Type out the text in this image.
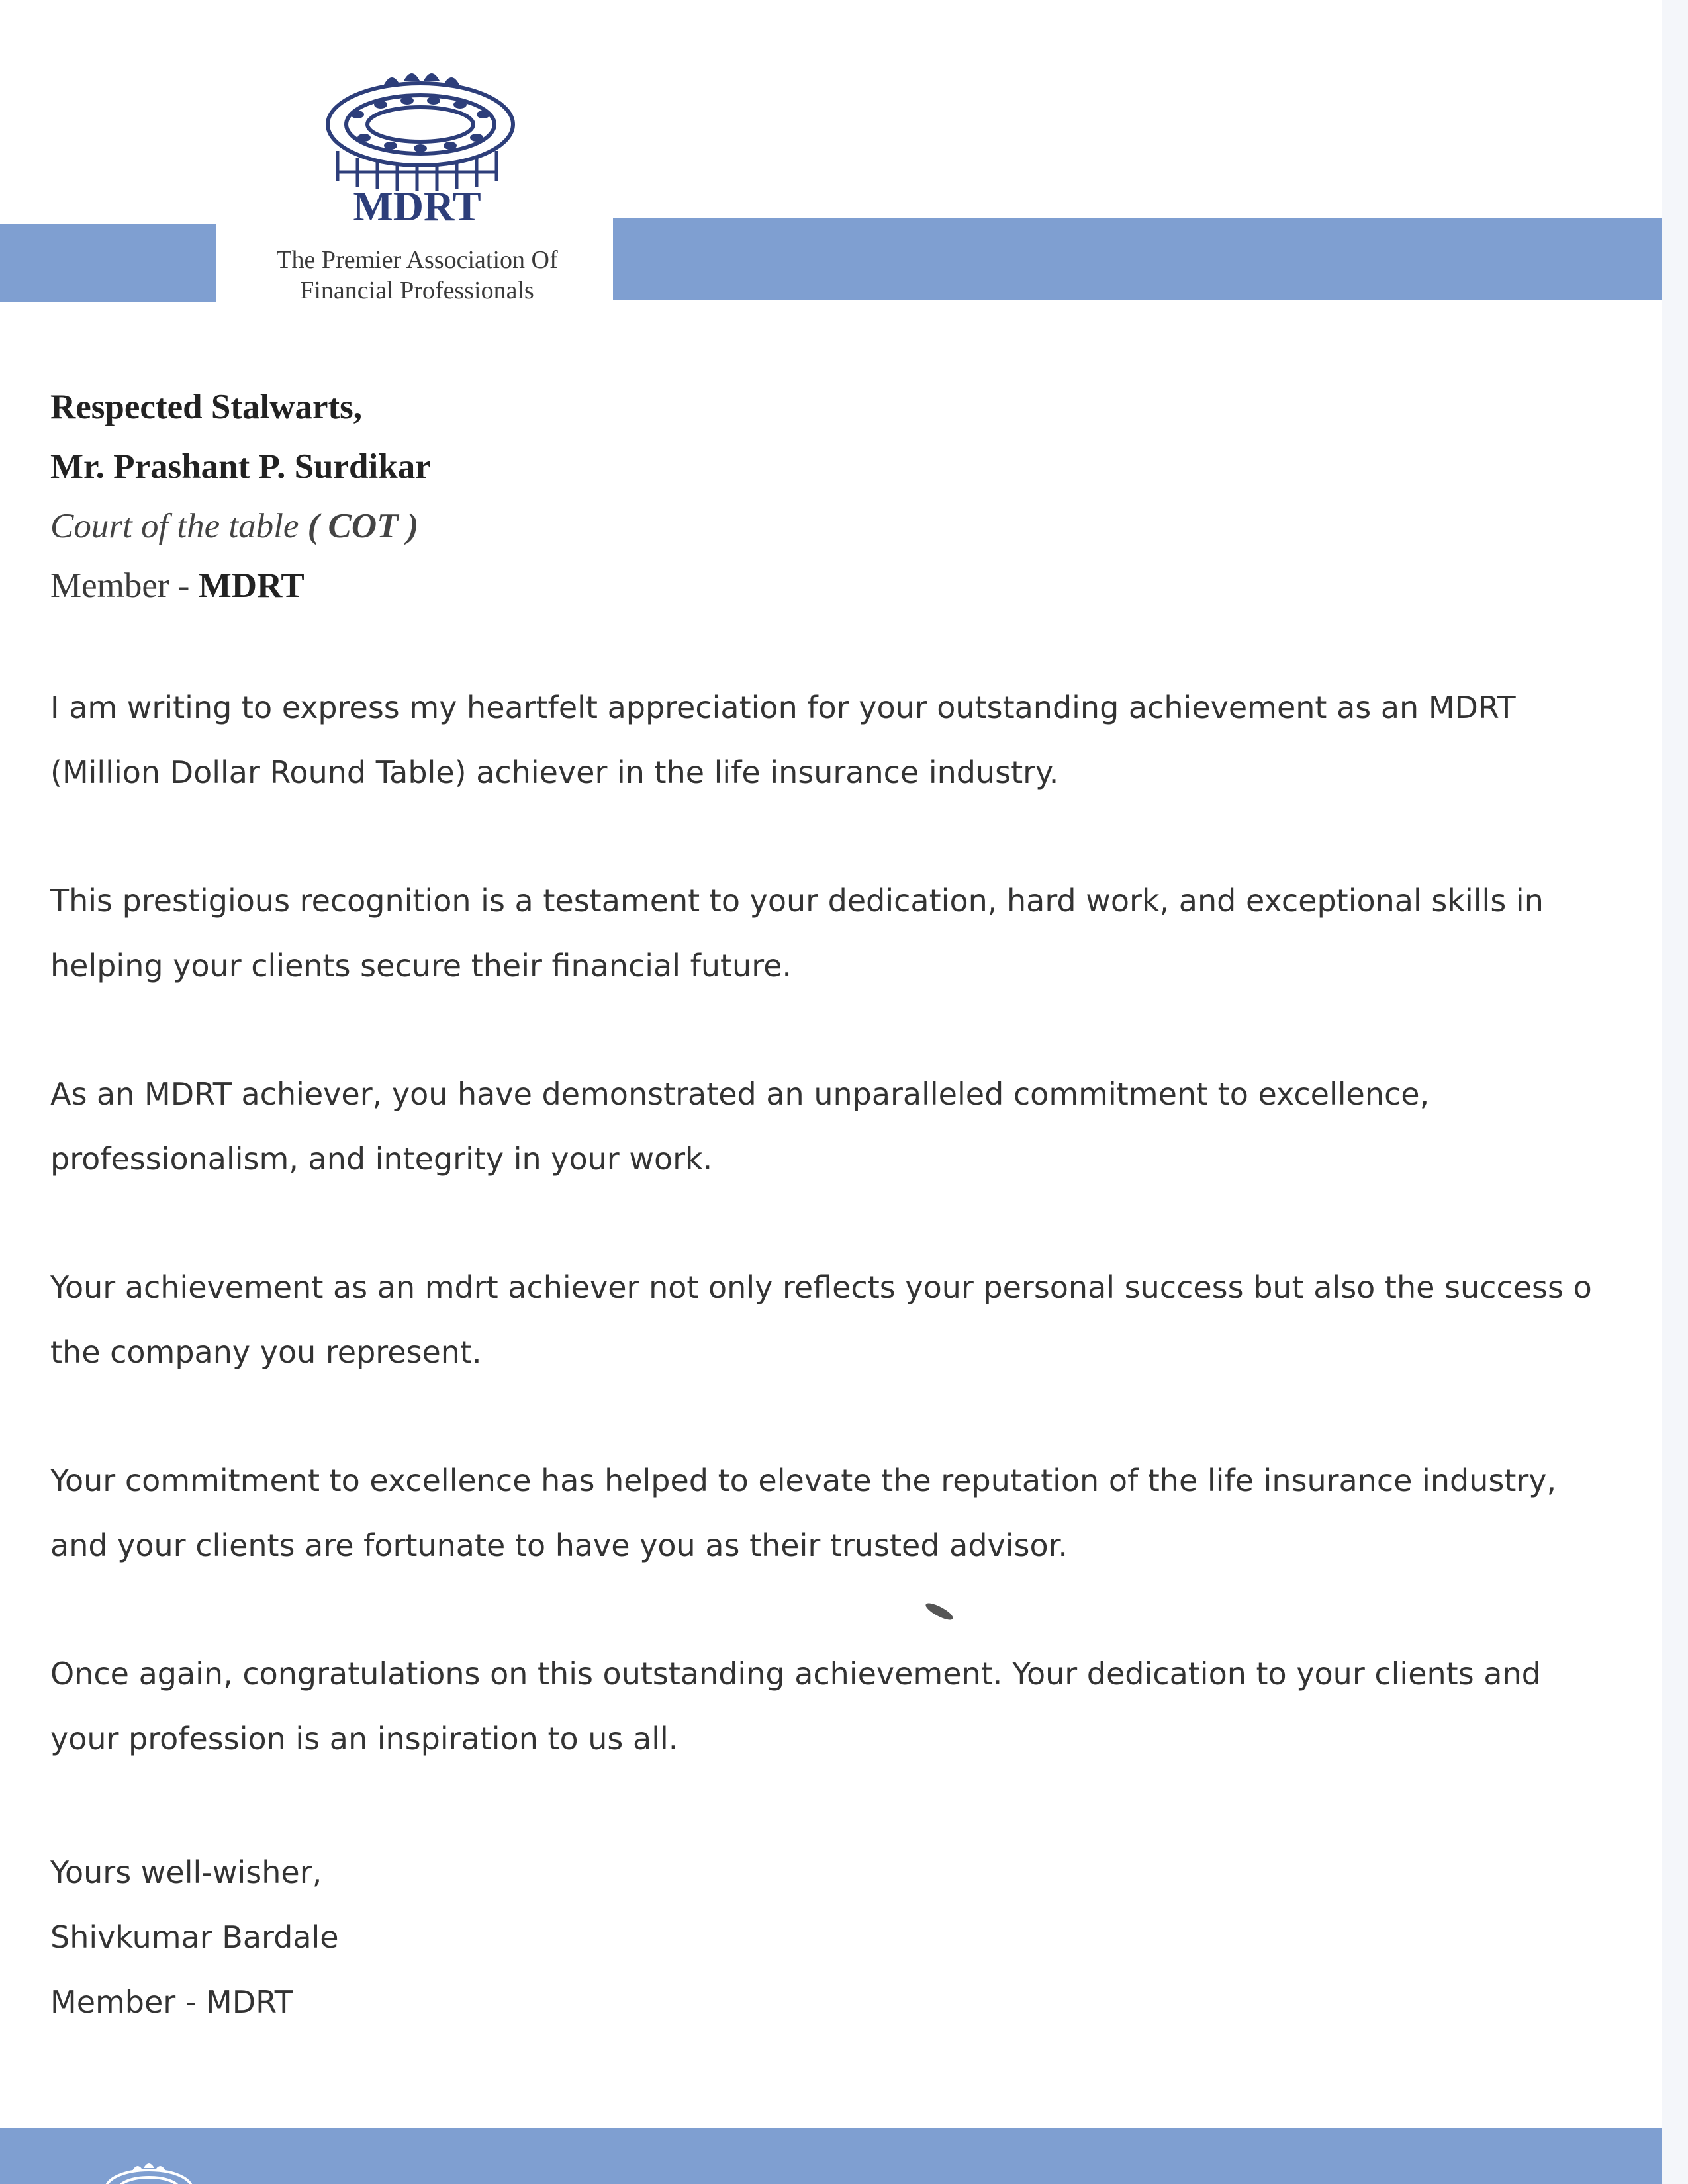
MDRT
The Premier Association Of
Financial Professionals
Respected Stalwarts,
Mr. Prashant P. Surdikar
Court of the table ( COT )
Member - MDRT

I am writing to express my heartfelt appreciation for your outstanding achievement as an MDRT
(Million Dollar Round Table) achiever in the life insurance industry.

This prestigious recognition is a testament to your dedication, hard work, and exceptional skills in
helping your clients secure their financial future.

As an MDRT achiever, you have demonstrated an unparalleled commitment to excellence,
professionalism, and integrity in your work.

Your achievement as an mdrt achiever not only reflects your personal success but also the success o
the company you represent.

Your commitment to excellence has helped to elevate the reputation of the life insurance industry,
and your clients are fortunate to have you as their trusted advisor.

Once again, congratulations on this outstanding achievement. Your dedication to your clients and
your profession is an inspiration to us all.

Yours well-wisher,
Shivkumar Bardale
Member - MDRT
